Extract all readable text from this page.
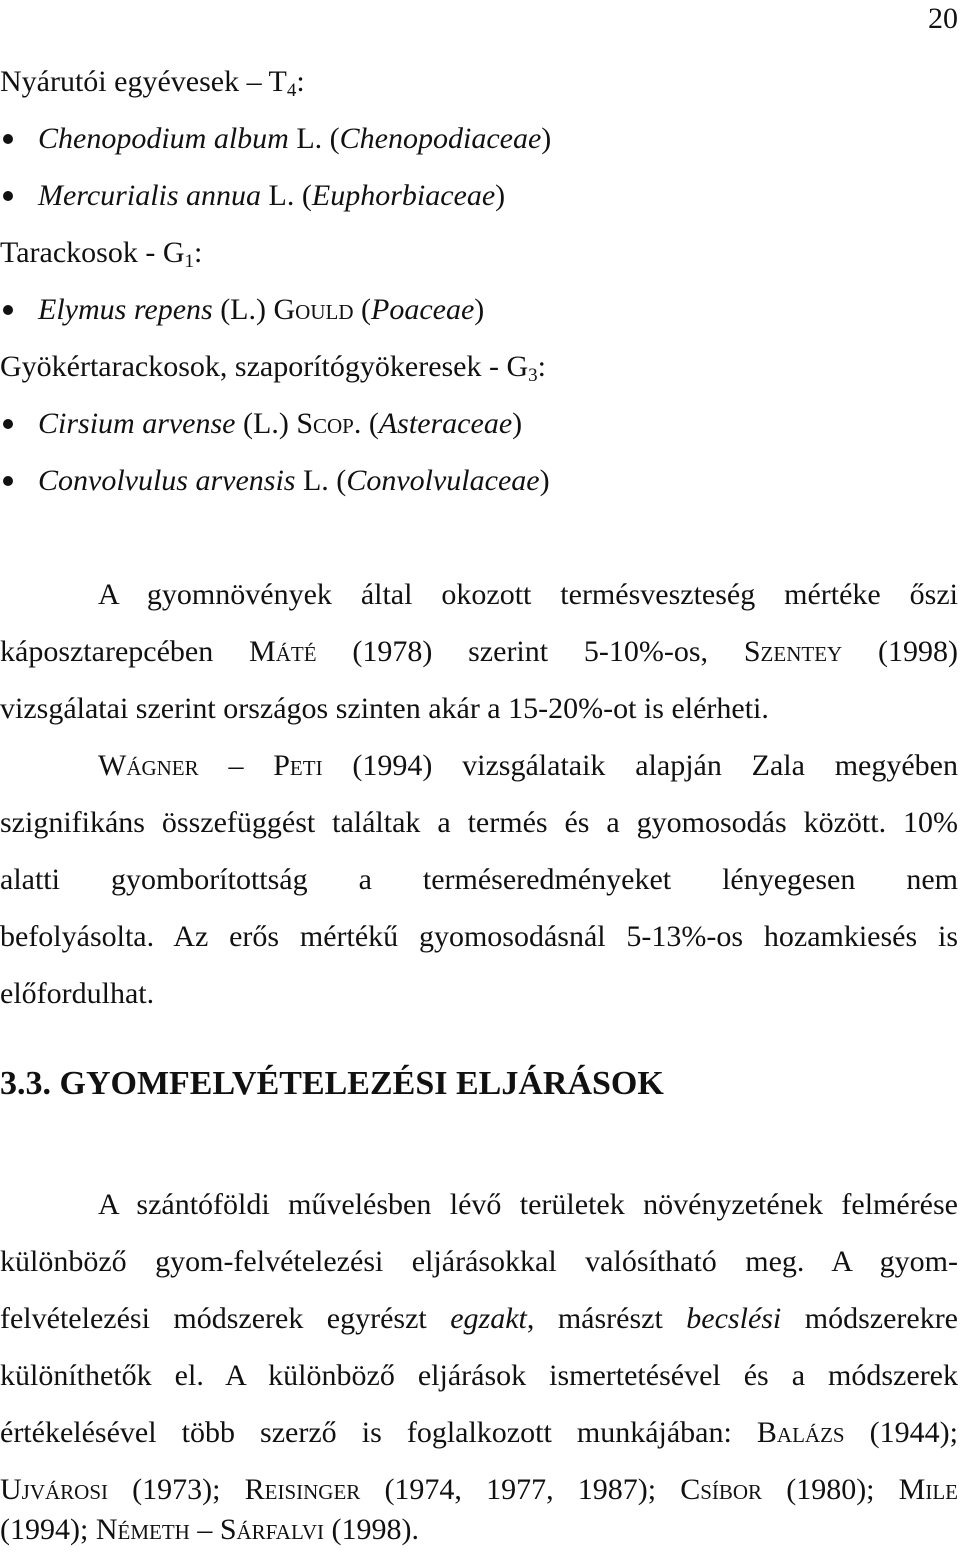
20
Nyárutói egyévesek – $T_4$:
Chenopodium album L. (Chenopodiaceae)
Mercurialis annua L. (Euphorbiaceae)
Tarackosok - $G_1$:
Elymus repens (L.) Gould (Poaceae)
Gyökértarackosok, szaporítógyökeresek - $G_3$:
Cirsium arvense (L.) Scop. (Asteraceae)
Convolvulus arvensis L. (Convolvulaceae)
A gyomnövények által okozott termésveszteség mértéke őszi
káposztarepcében Máté (1978) szerint 5-10%-os, Szentey (1998)
vizsgálatai szerint országos szinten akár a 15-20%-ot is elérheti.
Wágner – Peti (1994) vizsgálataik alapján Zala megyében
szignifikáns összefüggést találtak a termés és a gyomosodás között. 10%
alatti gyomborítottság a terméseredményeket lényegesen nem
befolyásolta. Az erős mértékű gyomosodásnál 5-13%-os hozamkiesés is
előfordulhat.
3.3. GYOMFELVÉTELEZÉSI ELJÁRÁSOK
A szántóföldi művelésben lévő területek növényzetének felmérése
különböző gyom-felvételezési eljárásokkal valósítható meg. A gyom-
felvételezési módszerek egyrészt egzakt, másrészt becslési módszerekre
különíthetők el. A különböző eljárások ismertetésével és a módszerek
értékelésével több szerző is foglalkozott munkájában: Balázs (1944);
Ujvárosi (1973); Reisinger (1974, 1977, 1987); Csíbor (1980); Mile
(1994); Németh – Sárfalvi (1998).
